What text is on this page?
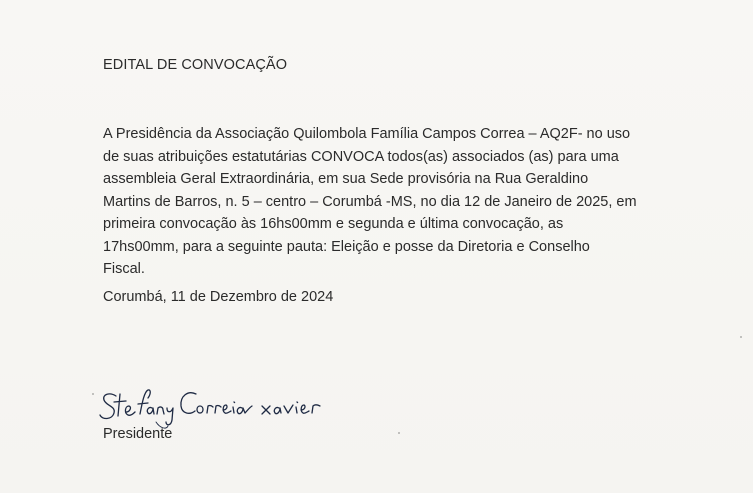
EDITAL DE CONVOCAÇÃO
A Presidência da Associação Quilombola Família Campos Correa – AQ2F- no uso
de suas atribuições estatutárias CONVOCA todos(as) associados (as) para uma
assembleia Geral Extraordinária, em sua Sede provisória na Rua Geraldino
Martins de Barros, n. 5 – centro – Corumbá -MS, no dia 12 de Janeiro de 2025, em
primeira convocação às 16hs00mm e segunda e última convocação, as
17hs00mm, para a seguinte pauta: Eleição e posse da Diretoria e Conselho
Fiscal.
Corumbá, 11 de Dezembro de 2024
Presidente
